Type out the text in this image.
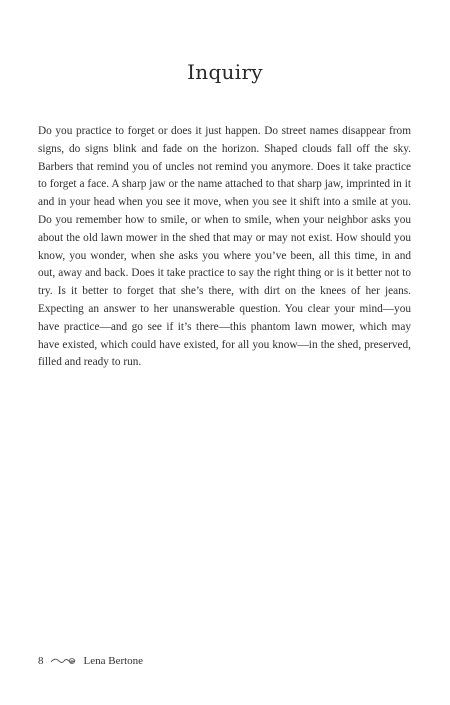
Inquiry

Do you practice to forget or does it just happen. Do street names disappear from signs, do signs blink and fade on the horizon. Shaped clouds fall off the sky. Barbers that remind you of uncles not remind you anymore. Does it take practice to forget a face. A sharp jaw or the name attached to that sharp jaw, imprinted in it and in your head when you see it move, when you see it shift into a smile at you. Do you remember how to smile, or when to smile, when your neighbor asks you about the old lawn mower in the shed that may or may not exist. How should you know, you wonder, when she asks you where you’ve been, all this time, in and out, away and back. Does it take practice to say the right thing or is it better not to try. Is it better to forget that she’s there, with dirt on the knees of her jeans. Expecting an answer to her unanswerable question. You clear your mind—you have practice—and go see if it’s there—this phantom lawn mower, which may have existed, which could have existed, for all you know—in the shed, preserved, filled and ready to run.

8	Lena Bertone
